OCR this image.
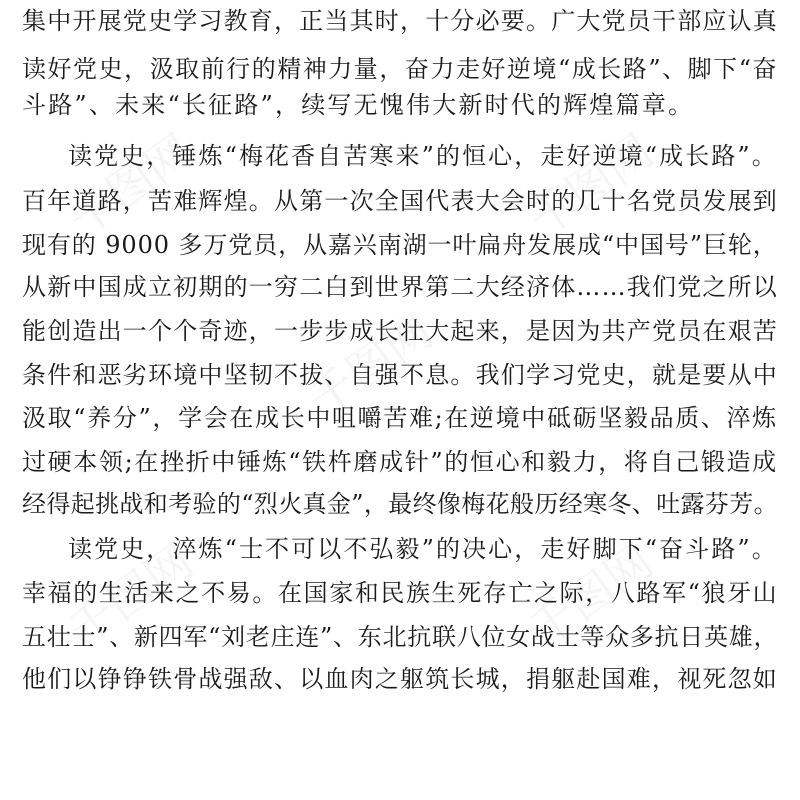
千图网	千图网
千图网
千图网	千图网
集中开展党史学习教育，正当其时，十分必要。广大党员干部应认真
读好党史，汲取前行的精神力量，奋力走好逆境“成长路”、脚下“奋
斗路”、未来“长征路”，续写无愧伟大新时代的辉煌篇章。
读党史，锤炼“梅花香自苦寒来”的恒心，走好逆境“成长路”。
百年道路，苦难辉煌。从第一次全国代表大会时的几十名党员发展到
现有的 9000 多万党员，从嘉兴南湖一叶扁舟发展成“中国号”巨轮，
从新中国成立初期的一穷二白到世界第二大经济体……我们党之所以
能创造出一个个奇迹，一步步成长壮大起来，是因为共产党员在艰苦
条件和恶劣环境中坚韧不拔、自强不息。我们学习党史，就是要从中
汲取“养分”，学会在成长中咀嚼苦难;在逆境中砥砺坚毅品质、淬炼
过硬本领;在挫折中锤炼“铁杵磨成针”的恒心和毅力，将自己锻造成
经得起挑战和考验的“烈火真金”，最终像梅花般历经寒冬、吐露芬芳。
读党史，淬炼“士不可以不弘毅”的决心，走好脚下“奋斗路”。
幸福的生活来之不易。在国家和民族生死存亡之际，八路军“狼牙山
五壮士”、新四军“刘老庄连”、东北抗联八位女战士等众多抗日英雄，
他们以铮铮铁骨战强敌、以血肉之躯筑长城，捐躯赴国难，视死忽如
